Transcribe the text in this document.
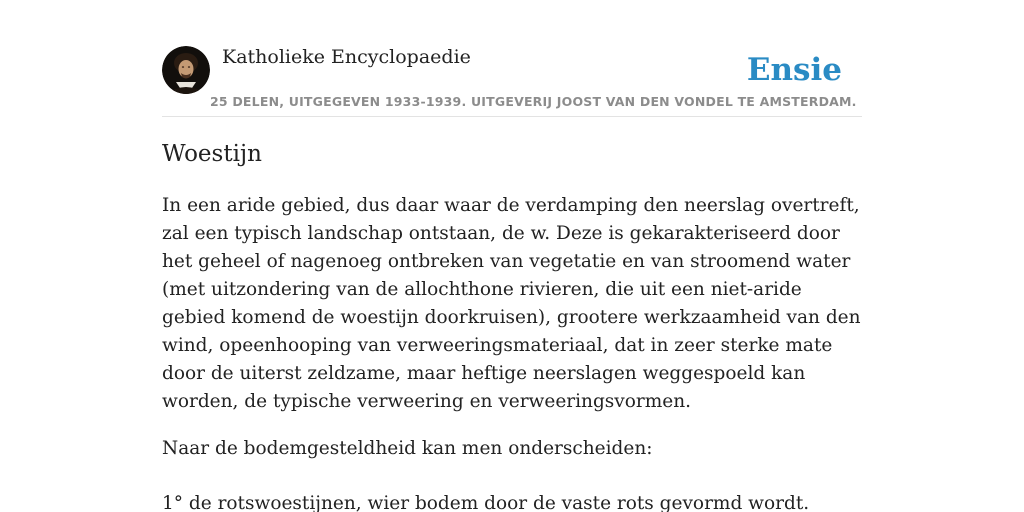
Katholieke Encyclopaedie
25 DELEN, UITGEGEVEN 1933-1939. UITGEVERIJ JOOST VAN DEN VONDEL TE AMSTERDAM.
Ensie
Woestijn

In een aride gebied, dus daar waar de verdamping den neerslag overtreft, zal een typisch landschap ontstaan, de w. Deze is gekarakteriseerd door het geheel of nagenoeg ontbreken van vegetatie en van stroomend water (met uitzondering van de allochthone rivieren, die uit een niet-aride gebied komend de woestijn doorkruisen), grootere werkzaamheid van den wind, opeenhooping van verweeringsmateriaal, dat in zeer sterke mate door de uiterst zeldzame, maar heftige neerslagen weggespoeld kan worden, de typische verweering en verweeringsvormen.

Naar de bodemgesteldheid kan men onderscheiden:

1° de rotswoestijnen, wier bodem door de vaste rots gevormd wordt.
